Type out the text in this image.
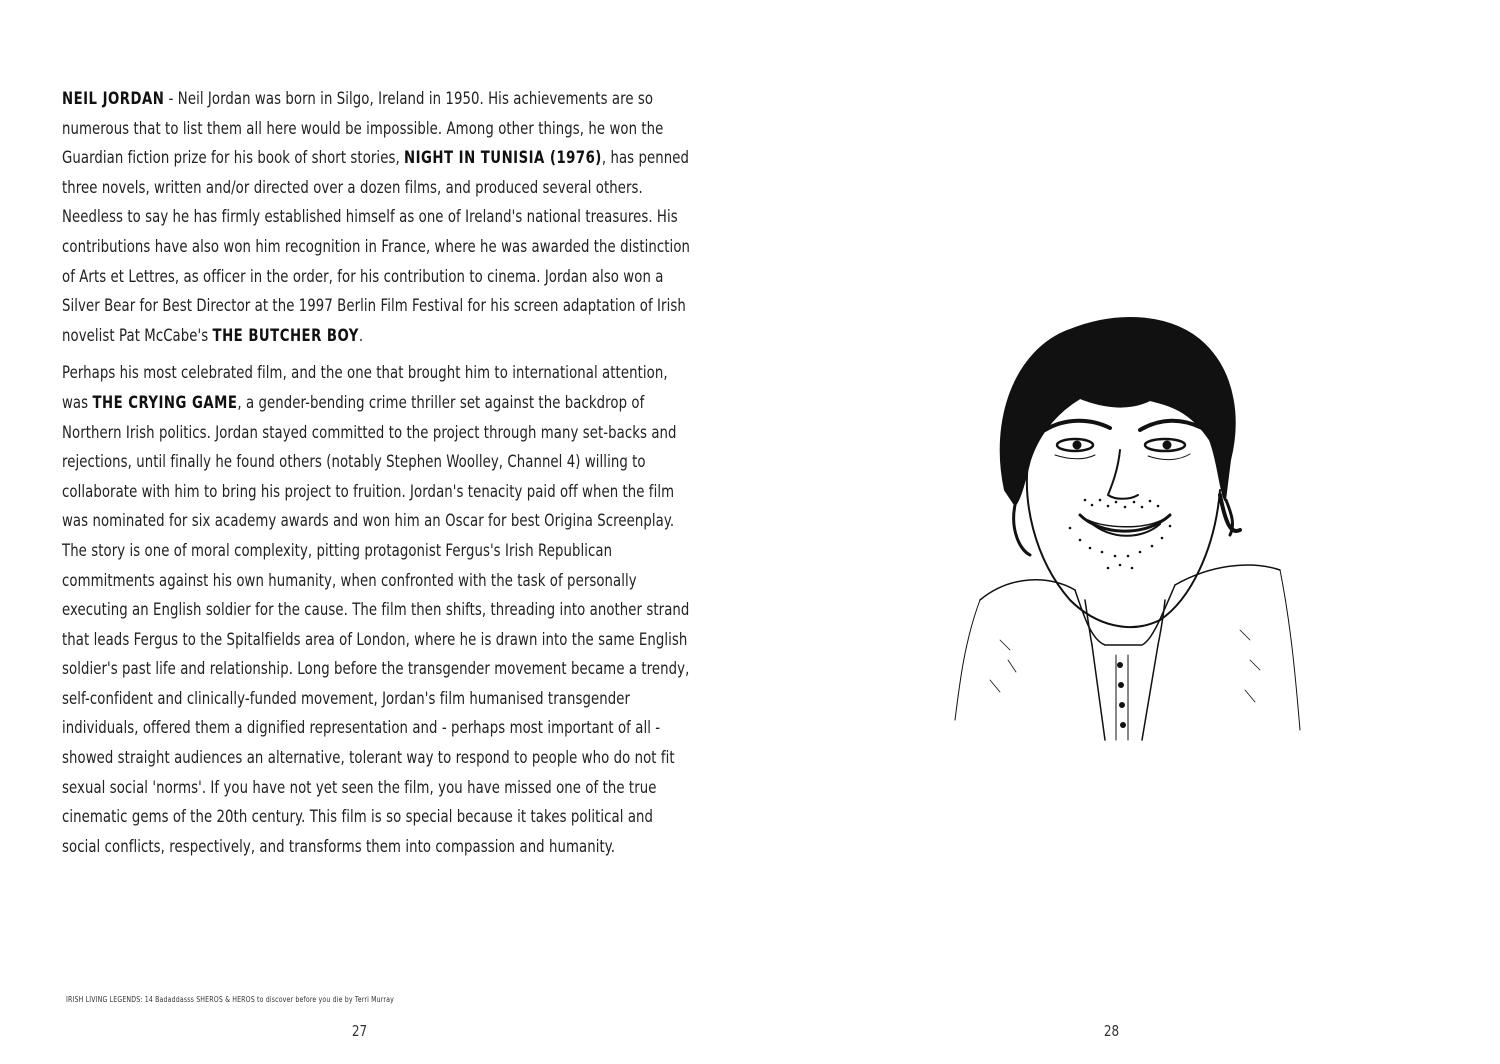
NEIL JORDAN - Neil Jordan was born in Silgo, Ireland in 1950. His achievements are so numerous that to list them all here would be impossible. Among other things, he won the Guardian fiction prize for his book of short stories, NIGHT IN TUNISIA (1976), has penned three novels, written and/or directed over a dozen films, and produced several others. Needless to say he has firmly established himself as one of Ireland's national treasures. His contributions have also won him recognition in France, where he was awarded the distinction of Arts et Lettres, as officer in the order, for his contribution to cinema. Jordan also won a Silver Bear for Best Director at the 1997 Berlin Film Festival for his screen adaptation of Irish novelist Pat McCabe's THE BUTCHER BOY.

Perhaps his most celebrated film, and the one that brought him to international attention, was THE CRYING GAME, a gender-bending crime thriller set against the backdrop of Northern Irish politics. Jordan stayed committed to the project through many set-backs and rejections, until finally he found others (notably Stephen Woolley, Channel 4) willing to collaborate with him to bring his project to fruition. Jordan's tenacity paid off when the film was nominated for six academy awards and won him an Oscar for best Origina Screenplay. The story is one of moral complexity, pitting protagonist Fergus's Irish Republican commitments against his own humanity, when confronted with the task of personally executing an English soldier for the cause. The film then shifts, threading into another strand that leads Fergus to the Spitalfields area of London, where he is drawn into the same English soldier's past life and relationship. Long before the transgender movement became a trendy, self-confident and clinically-funded movement, Jordan's film humanised transgender individuals, offered them a dignified representation and - perhaps most important of all - showed straight audiences an alternative, tolerant way to respond to people who do not fit sexual social 'norms'. If you have not yet seen the film, you have missed one of the true cinematic gems of the 20th century. This film is so special because it takes political and social conflicts, respectively, and transforms them into compassion and humanity.

IRISH LIVING LEGENDS: 14 Badaddasss SHEROS & HEROS to discover before you die by Terri Murray
27	28
